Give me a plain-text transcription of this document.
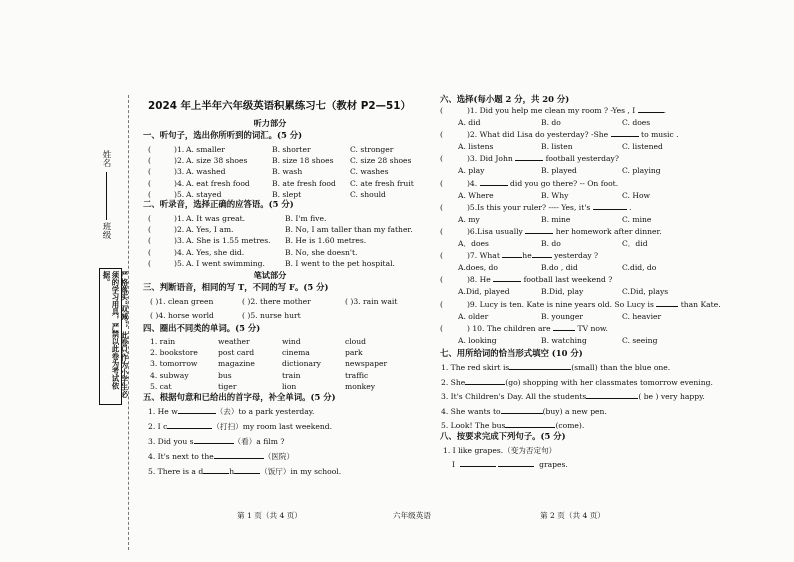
姓名
班级
严格落实“双减”，此卷只作为小学生必须的学习用具，严禁以此卷为考试依据。
2024 年上半年六年级英语积累练习七（教材 P2—51）
听力部分
一、听句子，选出你所听到的词汇。(5 分)
(	)1. A. smaller	B. shorter	C. stronger
(	)2. A. size 38 shoes	B. size 18 shoes C. size 28 shoes
(	)3. A. washed	B. wash	C. washes
(	)4. A. eat fresh food	B. ate fresh food C. ate fresh fruit
(	)5. A. stayed	B. slept	C. should
二、听录音，选择正确的应答语。(5 分)
(	)1. A. It was great.	B. I'm five.
(	)2. A. Yes, I am.	B. No, I am taller than my father.
(	)3. A. She is 1.55 metres. B. He is 1.60 metres.
(	)4. A. Yes, she did.	B. No, she doesn't.
(	)5. A. I went swimming.	B. I went to the pet hospital.
笔试部分
三、判断语音，相同的写 T，不同的写 F。(5 分)
( )1. clean green	( )2. there mother	( )3. rain wait
( )4. horse world	( )5. nurse hurt
四、圈出不同类的单词。(5 分)
1. rain	weather	wind	cloud
2. bookstore	post card	cinema	park
3. tomorrow	magazine	dictionary	newspaper
4. subway	bus	train	traffic
5. cat	tiger	lion	monkey
五、根据句意和已给出的首字母，补全单词。(5 分)
1. He w	（去）to a park yesterday.
2. I c	（打扫）my room last weekend.
3. Did you s	（看）a film ?
4. It's next to the	（医院）
5. There is a d	h	（饭厅）in my school.
六、选择(每小题 2 分，共 20 分)
(	)1. Did you help me clean my room ? -Yes , I	.
A. did	B. do	C. does
(	)2. What did Lisa do yesterday? -She	to music .
A. listens	B. listen	C. listened
(	)3. Did John	football yesterday?
A. play	B. played	C. playing
(	)4.	did you go there? -- On foot.
A. Where	B. Why	C. How
(	)5.Is this your ruler? ---- Yes, it's	.
A. my	B. mine	C. mine
(	)6.Lisa usually	her homework after dinner.
A．does	B. do	C．did
(	)7. What	he	yesterday ?
A.does, do	B.do , did	C.did, do
(	)8. He	football last weekend ?
A.Did, played	B.Did, play	C.Did, plays
(	)9. Lucy is ten. Kate is nine years old. So Lucy is	than Kate.
A. older	B. younger	C. heavier
(	) 10. The children are	TV now.
A. looking	B. watching	C. seeing
七、用所给词的恰当形式填空 (10 分)
1. The red skirt is	(small) than the blue one.
2. She	(go) shopping with her classmates tomorrow evening.
3. It's Children's Day. All the students	( be ) very happy.
4. She wants to	(buy) a new pen.
5. Look! The bus	(come).
八、按要求完成下列句子。(5 分)
1. I like grapes.（变为否定句）
I	grapes.
第 1 页（共 4 页）	六年级英语	第 2 页（共 4 页）
